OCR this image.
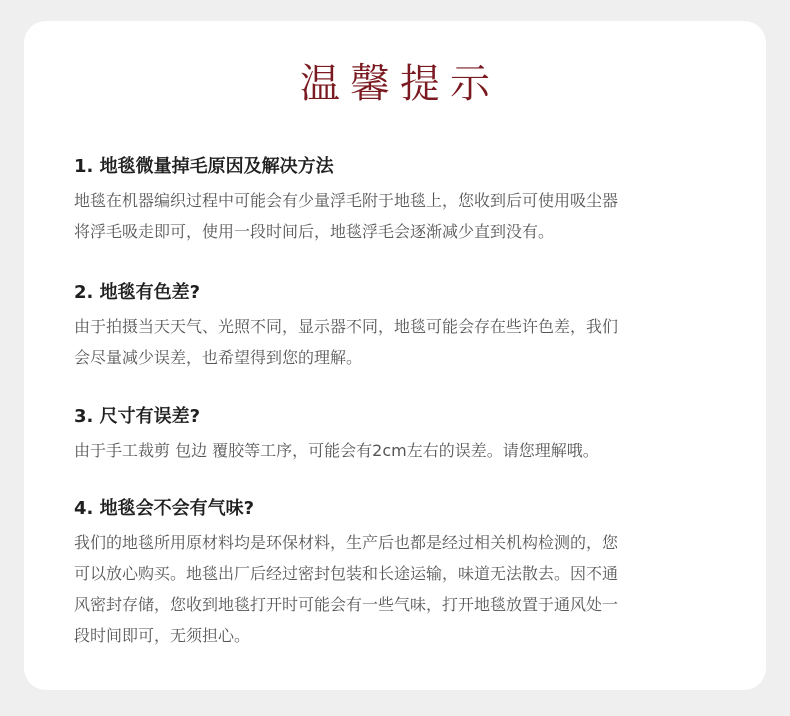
温馨提示

1. 地毯微量掉毛原因及解决方法

地毯在机器编织过程中可能会有少量浮毛附于地毯上，您收到后可使用吸尘器

将浮毛吸走即可，使用一段时间后，地毯浮毛会逐渐减少直到没有。

2. 地毯有色差?

由于拍摄当天天气、光照不同，显示器不同，地毯可能会存在些许色差，我们

会尽量减少误差，也希望得到您的理解。

3. 尺寸有误差?

由于手工裁剪 包边 覆胶等工序，可能会有2cm左右的误差。请您理解哦。

4. 地毯会不会有气味?

我们的地毯所用原材料均是环保材料，生产后也都是经过相关机构检测的，您

可以放心购买。地毯出厂后经过密封包装和长途运输，味道无法散去。因不通

风密封存储，您收到地毯打开时可能会有一些气味，打开地毯放置于通风处一

段时间即可，无须担心。
